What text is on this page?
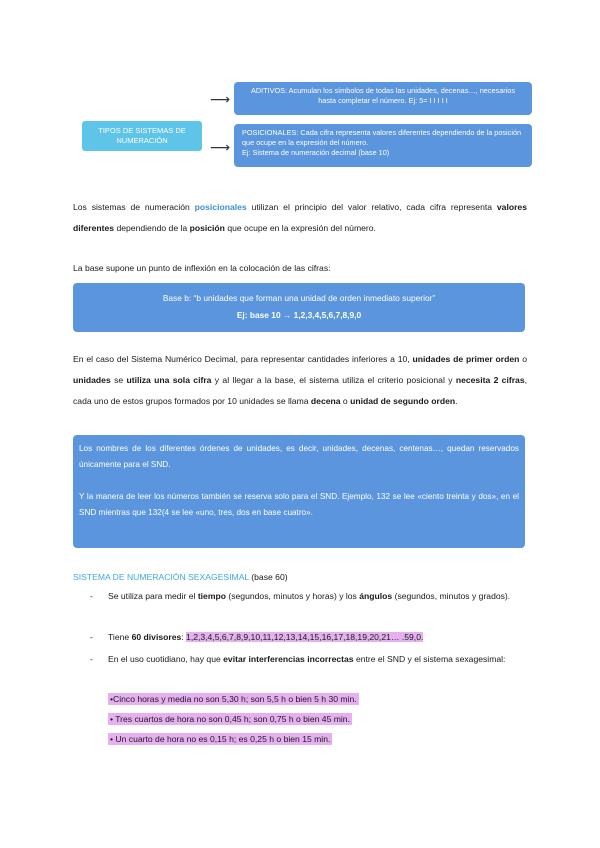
TIPOS DE SISTEMAS DE NUMERACIÓN
⟶
⟶
ADITIVOS: Acumulan los símbolos de todas las unidades, decenas…, necesarios hasta completar el número. Ej: 5= I I I I I
POSICIONALES: Cada cifra representa valores diferentes dependiendo de la posición que ocupe en la expresión del número.
Ej: Sistema de numeración decimal (base 10)
Los sistemas de numeración posicionales utilizan el principio del valor relativo, cada cifra representa valores diferentes dependiendo de la posición que ocupe en la expresión del número.
La base supone un punto de inflexión en la colocación de las cifras:
Base b: “b unidades que forman una unidad de orden inmediato superior”
Ej: base 10 → 1,2,3,4,5,6,7,8,9,0
En el caso del Sistema Numérico Decimal, para representar cantidades inferiores a 10, unidades de primer orden o unidades se utiliza una sola cifra y al llegar a la base, el sistema utiliza el criterio posicional y necesita 2 cifras, cada uno de estos grupos formados por 10 unidades se llama decena o unidad de segundo orden.
Los nombres de los diferentes órdenes de unidades, es decir, unidades, decenas, centenas…, quedan reservados únicamente para el SND.
Y la manera de leer los números también se reserva solo para el SND. Ejemplo, 132 se lee «ciento treinta y dos», en el SND mientras que 132(4 se lee «uno, tres, dos en base cuatro».
SISTEMA DE NUMERACIÓN SEXAGESIMAL (base 60)
- Se utiliza para medir el tiempo (segundos, minutos y horas) y los ángulos (segundos, minutos y grados).
- Tiene 60 divisores: 1,2,3,4,5,6,7,8,9,10,11,12,13,14,15,16,17,18,19,20,21… .59,0.
- En el uso cuotidiano, hay que evitar interferencias incorrectas entre el SND y el sistema sexagesimal:
•Cinco horas y media no son 5,30 h; son 5,5 h o bien 5 h 30 min.
• Tres cuartos de hora no son 0,45 h; son 0,75 h o bien 45 min.
• Un cuarto de hora no es 0,15 h; es 0,25 h o bien 15 min.
